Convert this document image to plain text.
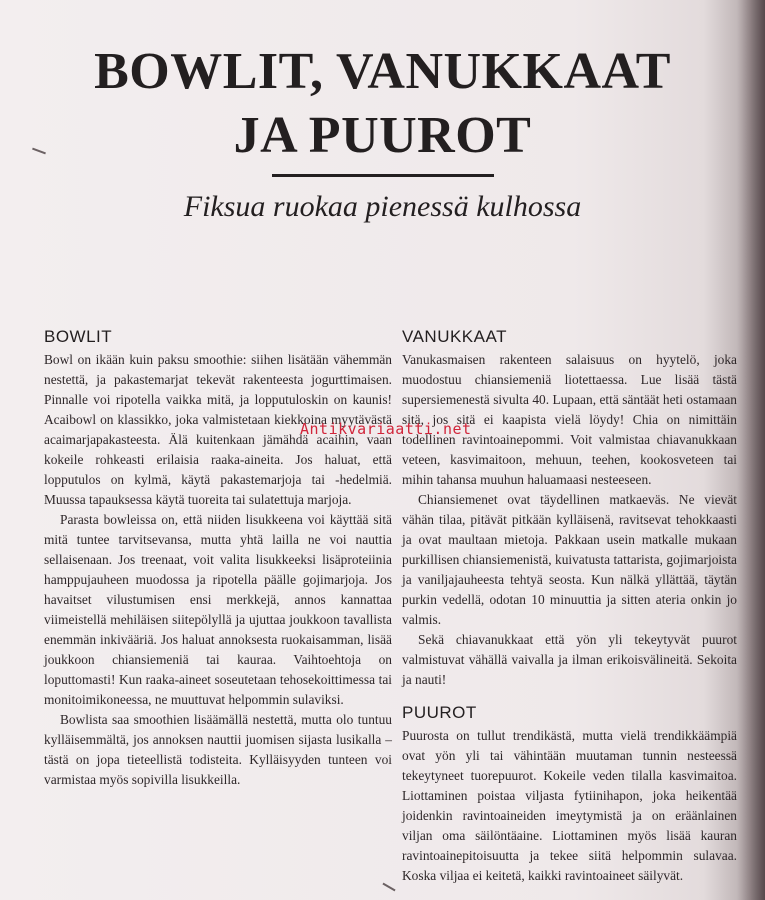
BOWLIT, VANUKKAAT
JA PUUROT
Fiksua ruokaa pienessä kulhossa
BOWLIT

Bowl on ikään kuin paksu smoothie: siihen lisätään vähemmän nestettä, ja pakastemarjat tekevät rakenteesta jogurttimaisen. Pinnalle voi ripotella vaikka mitä, ja lopputuloskin on kaunis! Acaibowl on klassikko, joka valmistetaan kiekkoina myytävästä acaimarjapakasteesta. Älä kuitenkaan jämähdä acaihin, vaan kokeile rohkeasti erilaisia raaka-aineita. Jos haluat, että lopputulos on kylmä, käytä pakastemarjoja tai -hedelmiä. Muussa tapauksessa käytä tuoreita tai sulatettuja marjoja.

Parasta bowleissa on, että niiden lisukkeena voi käyttää sitä mitä tuntee tarvitsevansa, mutta yhtä lailla ne voi nauttia sellaisenaan. Jos treenaat, voit valita lisukkeeksi lisäproteiinia hamppujauheen muodossa ja ripotella päälle gojimarjoja. Jos havaitset vilustumisen ensi merkkejä, annos kannattaa viimeistellä mehiläisen siitepölyllä ja ujuttaa joukkoon tavallista enemmän inkivääriä. Jos haluat annoksesta ruokaisamman, lisää joukkoon chiansiemeniä tai kauraa. Vaihtoehtoja on loputtomasti! Kun raaka-aineet soseutetaan tehosekoittimessa tai monitoimikoneessa, ne muuttuvat helpommin sulaviksi.

Bowlista saa smoothien lisäämällä nestettä, mutta olo tuntuu kylläisemmältä, jos annoksen nauttii juomisen sijasta lusikalla – tästä on jopa tieteellistä todisteita. Kylläisyyden tunteen voi varmistaa myös sopivilla lisukkeilla.

VANUKKAAT

Vanukasmaisen rakenteen salaisuus on hyytelö, joka muodostuu chiansiemeniä liotettaessa. Lue lisää tästä supersiemenestä sivulta 40. Lupaan, että säntäät heti ostamaan sitä, jos sitä ei kaapista vielä löydy! Chia on nimittäin todellinen ravintoainepommi. Voit valmistaa chiavanukkaan veteen, kasvimaitoon, mehuun, teehen, kookosveteen tai mihin tahansa muuhun haluamaasi nesteeseen.

Chiansiemenet ovat täydellinen matkaeväs. Ne vievät vähän tilaa, pitävät pitkään kylläisenä, ravitsevat tehokkaasti ja ovat maultaan mietoja. Pakkaan usein matkalle mukaan purkillisen chiansiemenistä, kuivatusta tattarista, gojimarjoista ja vaniljajauheesta tehtyä seosta. Kun nälkä yllättää, täytän purkin vedellä, odotan 10 minuuttia ja sitten ateria onkin jo valmis.

Sekä chiavanukkaat että yön yli tekeytyvät puurot valmistuvat vähällä vaivalla ja ilman erikoisvälineitä. Sekoita ja nauti!

PUUROT

Puurosta on tullut trendikästä, mutta vielä trendikkäämpiä ovat yön yli tai vähintään muutaman tunnin nesteessä tekeytyneet tuorepuurot. Kokeile veden tilalla kasvimaitoa. Liottaminen poistaa viljasta fytiinihapon, joka heikentää joidenkin ravintoaineiden imeytymistä ja on eräänlainen viljan oma säilöntäaine. Liottaminen myös lisää kauran ravintoainepitoisuutta ja tekee siitä helpommin sulavaa. Koska viljaa ei keitetä, kaikki ravintoaineet säilyvät.

Antikvariaatti.net
